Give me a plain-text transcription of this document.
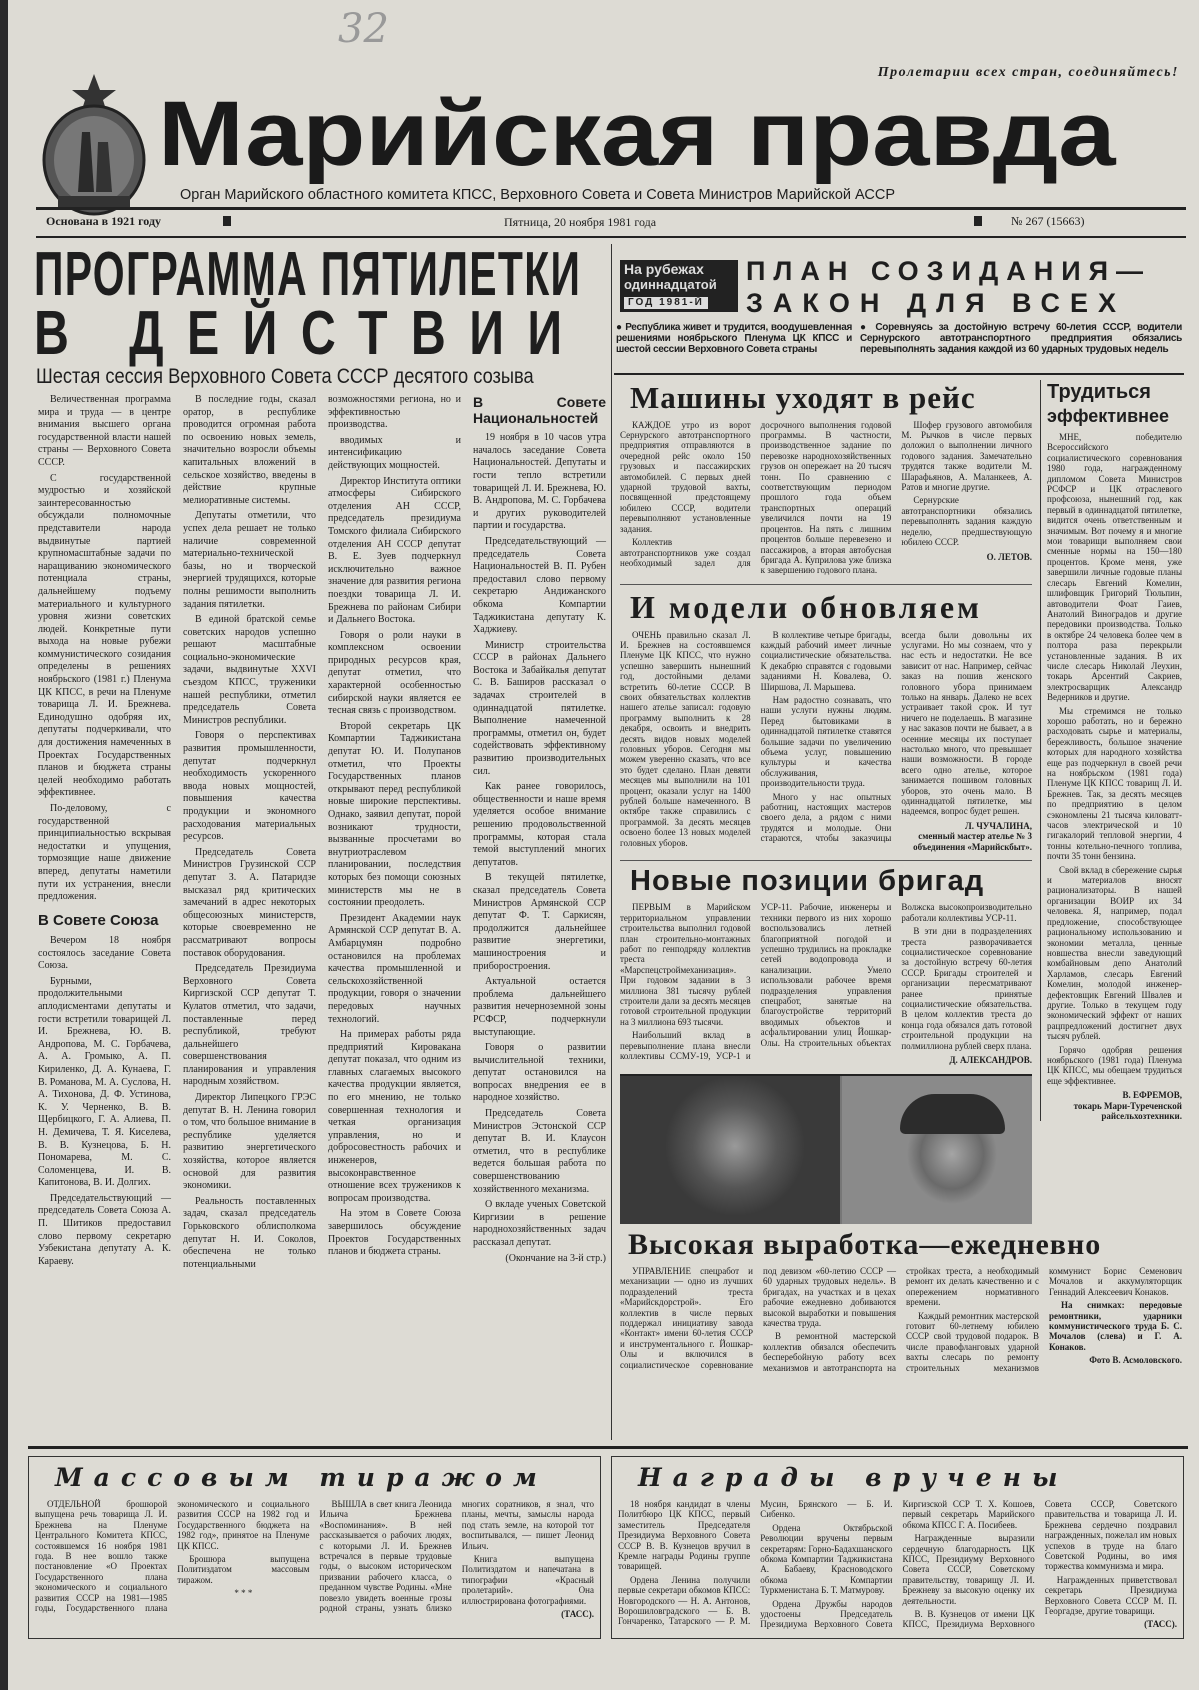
32
Пролетарии всех стран, соединяйтесь!
Марийская правда
Орган Марийского областного комитета КПСС, Верховного Совета и Совета Министров Марийской АССР
Основана в 1921 году	Пятница, 20 ноября 1981 года	№ 267 (15663)
ПРОГРАММА ПЯТИЛЕТКИ
В ДЕЙСТВИИ
Шестая сессия Верховного Совета СССР десятого созыва

Величественная программа мира и труда — в центре внимания высшего органа государственной власти нашей страны — Верховного Совета СССР.

С государственной мудростью и хозяйской заинтересованностью обсуждали полномочные представители народа выдвинутые партией крупномасштабные задачи по наращиванию экономического потенциала страны, дальнейшему подъему материального и культурного уровня жизни советских людей. Конкретные пути выхода на новые рубежи коммунистического созидания определены в решениях ноябрьского (1981 г.) Пленума ЦК КПСС, в речи на Пленуме товарища Л. И. Брежнева. Единодушно одобряя их, депутаты подчеркивали, что для достижения намеченных в Проектах Государственных планов и бюджета страны целей необходимо работать эффективнее.

По-деловому, с государственной принципиальностью вскрывая недостатки и упущения, тормозящие наше движение вперед, депутаты наметили пути их устранения, внесли предложения.

В Совете Союза

Вечером 18 ноября состоялось заседание Совета Союза.

Бурными, продолжительными аплодисментами депутаты и гости встретили товарищей Л. И. Брежнева, Ю. В. Андропова, М. С. Горбачева, А. А. Громыко, А. П. Кириленко, Д. А. Кунаева, Г. В. Романова, М. А. Суслова, Н. А. Тихонова, Д. Ф. Устинова, К. У. Черненко, В. В. Щербицкого, Г. А. Алиева, П. Н. Демичева, Т. Я. Киселева, В. В. Кузнецова, Б. Н. Пономарева, М. С. Соломенцева, И. В. Капитонова, В. И. Долгих.

Председательствующий — председатель Совета Союза А. П. Шитиков предоставил слово первому секретарю Узбекистана депутату А. К. Караеву.

В последние годы, сказал оратор, в республике проводится огромная работа по освоению новых земель, значительно возросли объемы капитальных вложений в сельское хозяйство, введены в действие крупные мелиоративные системы.

Депутаты отметили, что успех дела решает не только наличие современной материально-технической базы, но и творческой энергией трудящихся, которые полны решимости выполнить задания пятилетки.

В единой братской семье советских народов успешно решают масштабные социально-экономические задачи, выдвинутые XXVI съездом КПСС, труженики нашей республики, отметил председатель Совета Министров республики.

Говоря о перспективах развития промышленности, депутат подчеркнул необходимость ускоренного ввода новых мощностей, повышения качества продукции и экономного расходования материальных ресурсов.

Председатель Совета Министров Грузинской ССР депутат З. А. Патаридзе высказал ряд критических замечаний в адрес некоторых общесоюзных министерств, которые своевременно не рассматривают вопросы поставок оборудования.

Председатель Президиума Верховного Совета Киргизской ССР депутат Т. Кулатов отметил, что задачи, поставленные перед республикой, требуют дальнейшего совершенствования планирования и управления народным хозяйством.

Директор Липецкого ГРЭС депутат В. Н. Ленина говорил о том, что большое внимание в республике уделяется развитию энергетического хозяйства, которое является основой для развития экономики.

Реальность поставленных задач, сказал председатель Горьковского облисполкома депутат Н. И. Соколов, обеспечена не только потенциальными возможностями региона, но и эффективностью производства.

вводимых и интенсификацию действующих мощностей.

Директор Института оптики атмосферы Сибирского отделения АН СССР, председатель президиума Томского филиала Сибирского отделения АН СССР депутат В. Е. Зуев подчеркнул исключительно важное значение для развития региона поездки товарища Л. И. Брежнева по районам Сибири и Дальнего Востока.

Говоря о роли науки в комплексном освоении природных ресурсов края, депутат отметил, что характерной особенностью сибирской науки является ее тесная связь с производством.

Второй секретарь ЦК Компартии Таджикистана депутат Ю. И. Полупанов отметил, что Проекты Государственных планов открывают перед республикой новые широкие перспективы. Однако, заявил депутат, порой возникают трудности, вызванные просчетами во внутриотраслевом планировании, последствия которых без помощи союзных министерств мы не в состоянии преодолеть.

Президент Академии наук Армянской ССР депутат В. А. Амбарцумян подробно остановился на проблемах качества промышленной и сельскохозяйственной продукции, говоря о значении передовых научных технологий.

На примерах работы ряда предприятий Кировакана депутат показал, что одним из главных слагаемых высокого качества продукции является, по его мнению, не только совершенная технология и четкая организация управления, но и добросовестность рабочих и инженеров, высоконравственное отношение всех тружеников к вопросам производства.

На этом в Совете Союза завершилось обсуждение Проектов Государственных планов и бюджета страны.

В Совете Национальностей

19 ноября в 10 часов утра началось заседание Совета Национальностей. Депутаты и гости тепло встретили товарищей Л. И. Брежнева, Ю. В. Андропова, М. С. Горбачева и других руководителей партии и государства.

Председательствующий — председатель Совета Национальностей В. П. Рубен предоставил слово первому секретарю Андижанского обкома Компартии Таджикистана депутату К. Хаджиеву.

Министр строительства СССР в районах Дальнего Востока и Забайкалья депутат С. В. Баширов рассказал о задачах строителей в одиннадцатой пятилетке. Выполнение намеченной программы, отметил он, будет содействовать эффективному развитию производительных сил.

Как ранее говорилось, общественности и наше время уделяется особое внимание решению продовольственной программы, которая стала темой выступлений многих депутатов.

В текущей пятилетке, сказал председатель Совета Министров Армянской ССР депутат Ф. Т. Саркисян, продолжится дальнейшее развитие энергетики, машиностроения и приборостроения.

Актуальной остается проблема дальнейшего развития нечерноземной зоны РСФСР, подчеркнули выступающие.

Говоря о развитии вычислительной техники, депутат остановился на вопросах внедрения ее в народное хозяйство.

Председатель Совета Министров Эстонской ССР депутат В. И. Клаусон отметил, что в республике ведется большая работа по совершенствованию хозяйственного механизма.

О вкладе ученых Советской Киргизии в решение народнохозяйственных задач рассказал депутат.

(Окончание на 3-й стр.)

На рубежах
одиннадцатой
ГОД 1981-Й
ПЛАН СОЗИДАНИЯ—
ЗАКОН ДЛЯ ВСЕХ
● Республика живет и трудится, воодушевленная решениями ноябрьского Пленума ЦК КПСС и шестой сессии Верховного Совета страны
● Соревнуясь за достойную встречу 60-летия СССР, водители Сернурского автотранспортного предприятия обязались перевыполнять задания каждой из 60 ударных трудовых недель
Машины уходят в рейс

КАЖДОЕ утро из ворот Сернурского автотранспортного предприятия отправляются в очередной рейс около 150 грузовых и пассажирских автомобилей. С первых дней ударной трудовой вахты, посвященной предстоящему юбилею СССР, водители перевыполняют установленные задания.

Коллектив автотранспортников уже создал необходимый задел для досрочного выполнения годовой программы. В частности, производственное задание по перевозке народнохозяйственных грузов он опережает на 20 тысяч тонн. По сравнению с соответствующим периодом прошлого года объем транспортных операций увеличился почти на 19 процентов. На пять с лишним процентов больше перевезено и пассажиров, а вторая автобусная бригада А. Куприлова уже близка к завершению годового плана.

Шофер грузового автомобиля М. Рычков в числе первых доложил о выполнении личного годового задания. Замечательно трудятся также водители М. Шарафьянов, А. Маланкеев, А. Ратов и многие другие.

Сернурские автотранспортники обязались перевыполнять задания каждую неделю, предшествующую юбилею СССР.

О. ЛЕТОВ.
И модели обновляем

ОЧЕНЬ правильно сказал Л. И. Брежнев на состоявшемся Пленуме ЦК КПСС, что нужно успешно завершить нынешний год, достойными делами встретить 60-летие СССР. В своих обязательствах коллектив нашего ателье записал: годовую программу выполнить к 28 декабря, освоить и внедрить десять видов новых моделей головных уборов. Сегодня мы можем уверенно сказать, что все это будет сделано. План девяти месяцев мы выполнили на 101 процент, оказали услуг на 1400 рублей больше намеченного. В октябре также справились с программой. За десять месяцев освоено более 13 новых моделей головных уборов.

В коллективе четыре бригады, каждый рабочий имеет личные социалистические обязательства. К декабрю справятся с годовыми заданиями Н. Ковалева, О. Ширшова, Л. Марьшева.

Нам радостно сознавать, что наши услуги нужны людям. Перед бытовиками в одиннадцатой пятилетке ставятся большие задачи по увеличению объема услуг, повышению культуры и качества обслуживания, производительности труда.

Много у нас опытных работниц, настоящих мастеров своего дела, а рядом с ними трудятся и молодые. Они стараются, чтобы заказчицы всегда были довольны их услугами. Но мы сознаем, что у нас есть и недостатки. Не все зависит от нас. Например, сейчас заказ на пошив женского головного убора принимаем только на январь. Далеко не всех устраивает такой срок. И тут ничего не поделаешь. В магазине у нас заказов почти не бывает, а в осенние месяцы их поступает настолько много, что превышает наши возможности. В городе всего одно ателье, которое занимается пошивом головных уборов, это очень мало. В одиннадцатой пятилетке, мы надеемся, вопрос будет решен.

Л. ЧУЧАЛИНА,
сменный мастер ателье № 3 объединения «Марийскбыт».
Новые позиции бригад

ПЕРВЫМ в Марийском территориальном управлении строительства выполнил годовой план строительно-монтажных работ по генподряду коллектив треста «Марспецстроймеханизация». При годовом задании в 3 миллиона 381 тысячу рублей строители дали за десять месяцев готовой строительной продукции на 3 миллиона 693 тысячи.

Наибольший вклад в перевыполнение плана внесли коллективы ССМУ-19, УСР-1 и УСР-11. Рабочие, инженеры и техники первого из них хорошо воспользовались летней благоприятной погодой и успешно трудились на прокладке сетей водопровода и канализации. Умело использовали рабочее время подразделения управления спецработ, занятые на благоустройстве территорий вводимых объектов и асфальтировании улиц Йошкар-Олы. На строительных объектах Волжска высокопроизводительно работали коллективы УСР-11.

В эти дни в подразделениях треста разворачивается социалистическое соревнование за достойную встречу 60-летия СССР. Бригады строителей и организации пересматривают ранее принятые социалистические обязательства. В целом коллектив треста до конца года обязался дать готовой строительной продукции на полмиллиона рублей сверх плана.

Д. АЛЕКСАНДРОВ.
Трудиться
эффективнее

МНЕ, победителю Всероссийского социалистического соревнования 1980 года, награжденному дипломом Совета Министров РСФСР и ЦК отраслевого профсоюза, нынешний год, как первый в одиннадцатой пятилетке, видится очень ответственным и значимым. Вот почему я и многие мои товарищи выполняем свои сменные нормы на 150—180 процентов. Кроме меня, уже завершили личные годовые планы слесарь Евгений Комелин, шлифовщик Григорий Тюльпин, автоводители Фоат Гаиев, Анатолий Виноградов и другие передовики производства. Только в октябре 24 человека более чем в полтора раза перекрыли установленные задания. В их числе слесарь Николай Леухин, токарь Арсентий Сакриев, электросварщик Александр Ведерников и другие.

Мы стремимся не только хорошо работать, но и бережно расходовать сырье и материалы, бережливость, большое значение которых для народного хозяйства еще раз подчеркнул в своей речи на ноябрьском (1981 года) Пленуме ЦК КПСС товарищ Л. И. Брежнев. Так, за десять месяцев по предприятию в целом сэкономлены 21 тысяча киловатт-часов электрической и 10 гигакалорий тепловой энергии, 4 тонны котельно-печного топлива, почти 35 тонн бензина.

Свой вклад в сбережение сырья и материалов вносят рационализаторы. В нашей организации ВОИР их 34 человека. Я, например, подал предложение, способствующее рациональному использованию и экономии металла, ценные новшества внесли заведующий комбайновым депо Анатолий Харламов, слесарь Евгений Комелин, молодой инженер-дефектовщик Евгений Швалев и другие. Только в текущем году экономический эффект от наших рацпредложений достигнет двух тысяч рублей.

Горячо одобряя решения ноябрьского (1981 года) Пленума ЦК КПСС, мы обещаем трудиться еще эффективнее.

В. ЕФРЕМОВ,
токарь Мари-Туреченской райсельхозтехники.
Высокая выработка—ежедневно

УПРАВЛЕНИЕ спецработ и механизации — одно из лучших подразделений треста «Марийскдорстрой». Его коллектив в числе первых поддержал инициативу завода «Контакт» имени 60-летия СССР и инструментального г. Йошкар-Олы и включился в социалистическое соревнование под девизом «60-летию СССР — 60 ударных трудовых недель». В бригадах, на участках и в цехах рабочие ежедневно добиваются высокой выработки и повышения качества труда.

В ремонтной мастерской коллектив обязался обеспечить бесперебойную работу всех механизмов и автотранспорта на стройках треста, а необходимый ремонт их делать качественно и с опережением нормативного времени.

Каждый ремонтник мастерской готовит 60-летнему юбилею СССР свой трудовой подарок. В числе правофланговых ударной вахты слесарь по ремонту строительных механизмов коммунист Борис Семенович Мочалов и аккумуляторщик Геннадий Алексеевич Конаков.

На снимках: передовые ремонтники, ударники коммунистического труда Б. С. Мочалов (слева) и Г. А. Конаков.

Фото В. Асмоловского.
Массовым тиражом

ОТДЕЛЬНОЙ брошюрой выпущена речь товарища Л. И. Брежнева на Пленуме Центрального Комитета КПСС, состоявшемся 16 ноября 1981 года. В нее вошло также постановление «О Проектах Государственного плана экономического и социального развития СССР на 1981—1985 годы, Государственного плана экономического и социального развития СССР на 1982 год и Государственного бюджета на 1982 год», принятое на Пленуме ЦК КПСС.

Брошюра выпущена Политиздатом массовым тиражом.

* * *

ВЫШЛА в свет книга Леонида Ильича Брежнева «Воспоминания». В ней рассказывается о рабочих людях, с которыми Л. И. Брежнев встречался в первые трудовые годы, о высоком историческом призвании рабочего класса, о преданном чувстве Родины. «Мне повезло увидеть военные грозы родной страны, узнать близко многих соратников, я знал, что планы, мечты, замыслы народа под стать земле, на которой тот воспитывался, — пишет Леонид Ильич.

Книга выпущена Политиздатом и напечатана в типографии «Красный пролетарий». Она иллюстрирована фотографиями.

(ТАСС).
Награды вручены

18 ноября кандидат в члены Политбюро ЦК КПСС, первый заместитель Председателя Президиума Верховного Совета СССР В. В. Кузнецов вручил в Кремле награды Родины группе товарищей.

Ордена Ленина получили первые секретари обкомов КПСС: Новгородского — Н. А. Антонов, Ворошиловградского — Б. В. Гончаренко, Татарского — Р. М. Мусин, Брянского — Б. И. Сибенко.

Ордена Октябрьской Революции вручены первым секретарям: Горно-Бадахшанского обкома Компартии Таджикистана А. Бабаеву, Красноводского обкома Компартии Туркменистана Б. Т. Матмурову.

Ордена Дружбы народов удостоены Председатель Президиума Верховного Совета Киргизской ССР Т. Х. Кошоев, первый секретарь Марийского обкома КПСС Г. А. Посибеев.

Награжденные выразили сердечную благодарность ЦК КПСС, Президиуму Верховного Совета СССР, Советскому правительству, товарищу Л. И. Брежневу за высокую оценку их деятельности.

В. В. Кузнецов от имени ЦК КПСС, Президиума Верховного Совета СССР, Советского правительства и товарища Л. И. Брежнева сердечно поздравил награжденных, пожелал им новых успехов в труде на благо Советской Родины, во имя торжества коммунизма и мира.

Награжденных приветствовал секретарь Президиума Верховного Совета СССР М. П. Георгадзе, другие товарищи.

(ТАСС).
